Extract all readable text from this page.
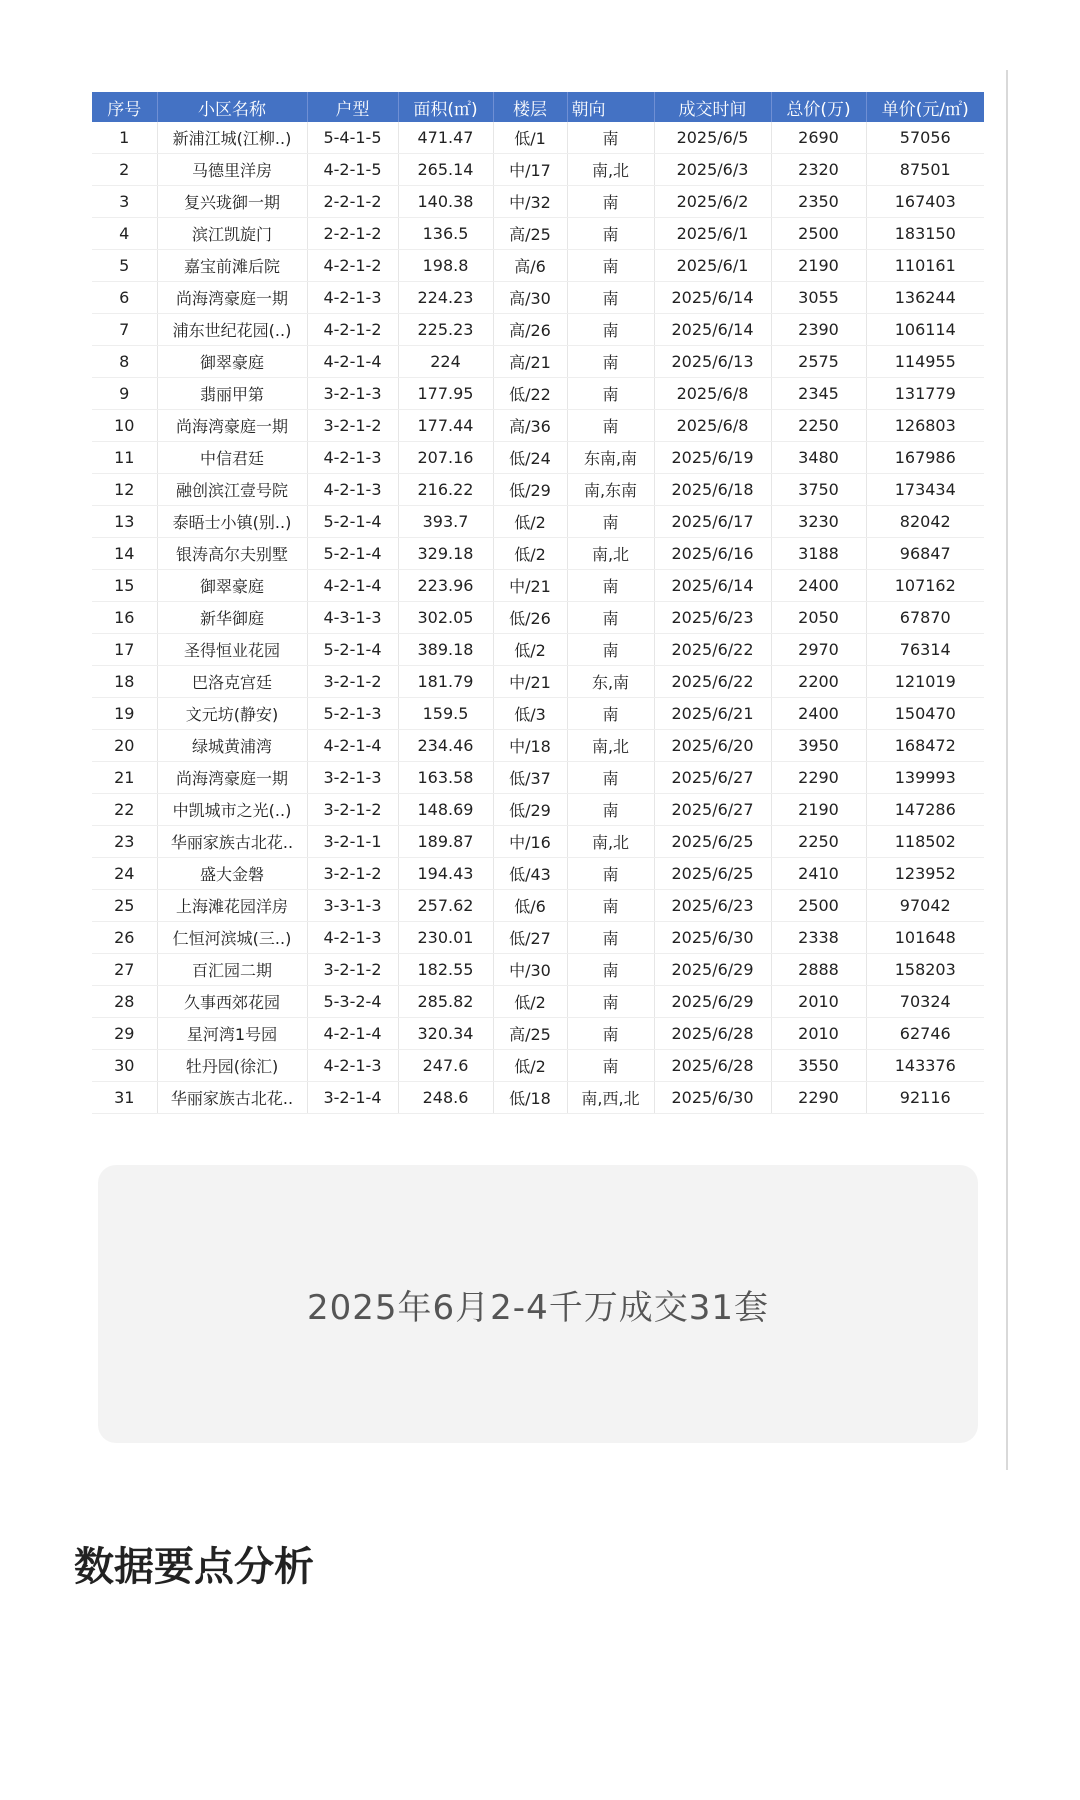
序号	小区名称	户型	面积(㎡)	楼层	朝向	成交时间	总价(万)	单价(元/㎡)
1	新浦江城(江柳..)	5-4-1-5	471.47	低/1	南	2025/6/5	2690	57056
2	马德里洋房	4-2-1-5	265.14	中/17	南,北	2025/6/3	2320	87501
3	复兴珑御一期	2-2-1-2	140.38	中/32	南	2025/6/2	2350	167403
4	滨江凯旋门	2-2-1-2	136.5	高/25	南	2025/6/1	2500	183150
5	嘉宝前滩后院	4-2-1-2	198.8	高/6	南	2025/6/1	2190	110161
6	尚海湾豪庭一期	4-2-1-3	224.23	高/30	南	2025/6/14	3055	136244
7	浦东世纪花园(..)	4-2-1-2	225.23	高/26	南	2025/6/14	2390	106114
8	御翠豪庭	4-2-1-4	224	高/21	南	2025/6/13	2575	114955
9	翡丽甲第	3-2-1-3	177.95	低/22	南	2025/6/8	2345	131779
10	尚海湾豪庭一期	3-2-1-2	177.44	高/36	南	2025/6/8	2250	126803
11	中信君廷	4-2-1-3	207.16	低/24	东南,南	2025/6/19	3480	167986
12	融创滨江壹号院	4-2-1-3	216.22	低/29	南,东南	2025/6/18	3750	173434
13	泰晤士小镇(别..)	5-2-1-4	393.7	低/2	南	2025/6/17	3230	82042
14	银涛高尔夫别墅	5-2-1-4	329.18	低/2	南,北	2025/6/16	3188	96847
15	御翠豪庭	4-2-1-4	223.96	中/21	南	2025/6/14	2400	107162
16	新华御庭	4-3-1-3	302.05	低/26	南	2025/6/23	2050	67870
17	圣得恒业花园	5-2-1-4	389.18	低/2	南	2025/6/22	2970	76314
18	巴洛克宫廷	3-2-1-2	181.79	中/21	东,南	2025/6/22	2200	121019
19	文元坊(静安)	5-2-1-3	159.5	低/3	南	2025/6/21	2400	150470
20	绿城黄浦湾	4-2-1-4	234.46	中/18	南,北	2025/6/20	3950	168472
21	尚海湾豪庭一期	3-2-1-3	163.58	低/37	南	2025/6/27	2290	139993
22	中凯城市之光(..)	3-2-1-2	148.69	低/29	南	2025/6/27	2190	147286
23	华丽家族古北花..	3-2-1-1	189.87	中/16	南,北	2025/6/25	2250	118502
24	盛大金磐	3-2-1-2	194.43	低/43	南	2025/6/25	2410	123952
25	上海滩花园洋房	3-3-1-3	257.62	低/6	南	2025/6/23	2500	97042
26	仁恒河滨城(三..)	4-2-1-3	230.01	低/27	南	2025/6/30	2338	101648
27	百汇园二期	3-2-1-2	182.55	中/30	南	2025/6/29	2888	158203
28	久事西郊花园	5-3-2-4	285.82	低/2	南	2025/6/29	2010	70324
29	星河湾1号园	4-2-1-4	320.34	高/25	南	2025/6/28	2010	62746
30	牡丹园(徐汇)	4-2-1-3	247.6	低/2	南	2025/6/28	3550	143376
31	华丽家族古北花..	3-2-1-4	248.6	低/18	南,西,北	2025/6/30	2290	92116
2025年6月2-4千万成交31套
数据要点分析
